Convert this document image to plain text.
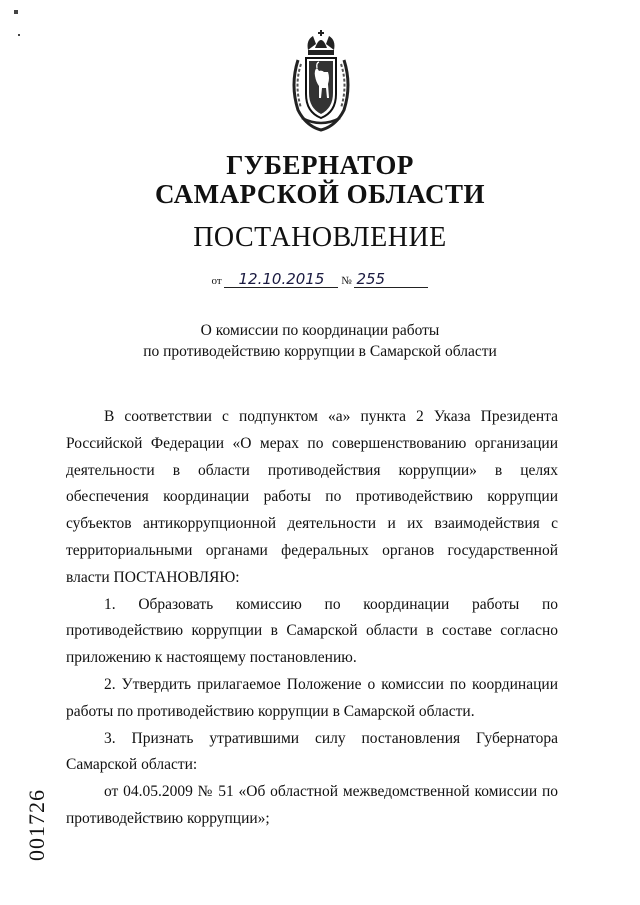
ГУБЕРНАТОР
САМАРСКОЙ ОБЛАСТИ
ПОСТАНОВЛЕНИЕ
от 12.10.2015 № 255
О комиссии по координации работы
по противодействию коррупции в Самарской области

В соответствии с подпунктом «а» пункта 2 Указа Президента Российской Федерации «О мерах по совершенствованию организации деятельности в области противодействия коррупции» в целях обеспечения координации работы по противодействию коррупции субъектов антикоррупционной деятельности и их взаимодействия с территориальными органами федеральных органов государственной власти ПОСТАНОВЛЯЮ:

1. Образовать комиссию по координации работы по противодействию коррупции в Самарской области в составе согласно приложению к настоящему постановлению.

2. Утвердить прилагаемое Положение о комиссии по координации работы по противодействию коррупции в Самарской области.

3. Признать утратившими силу постановления Губернатора Самарской области:

от 04.05.2009 № 51 «Об областной межведомственной комиссии по противодействию коррупции»;

001726
